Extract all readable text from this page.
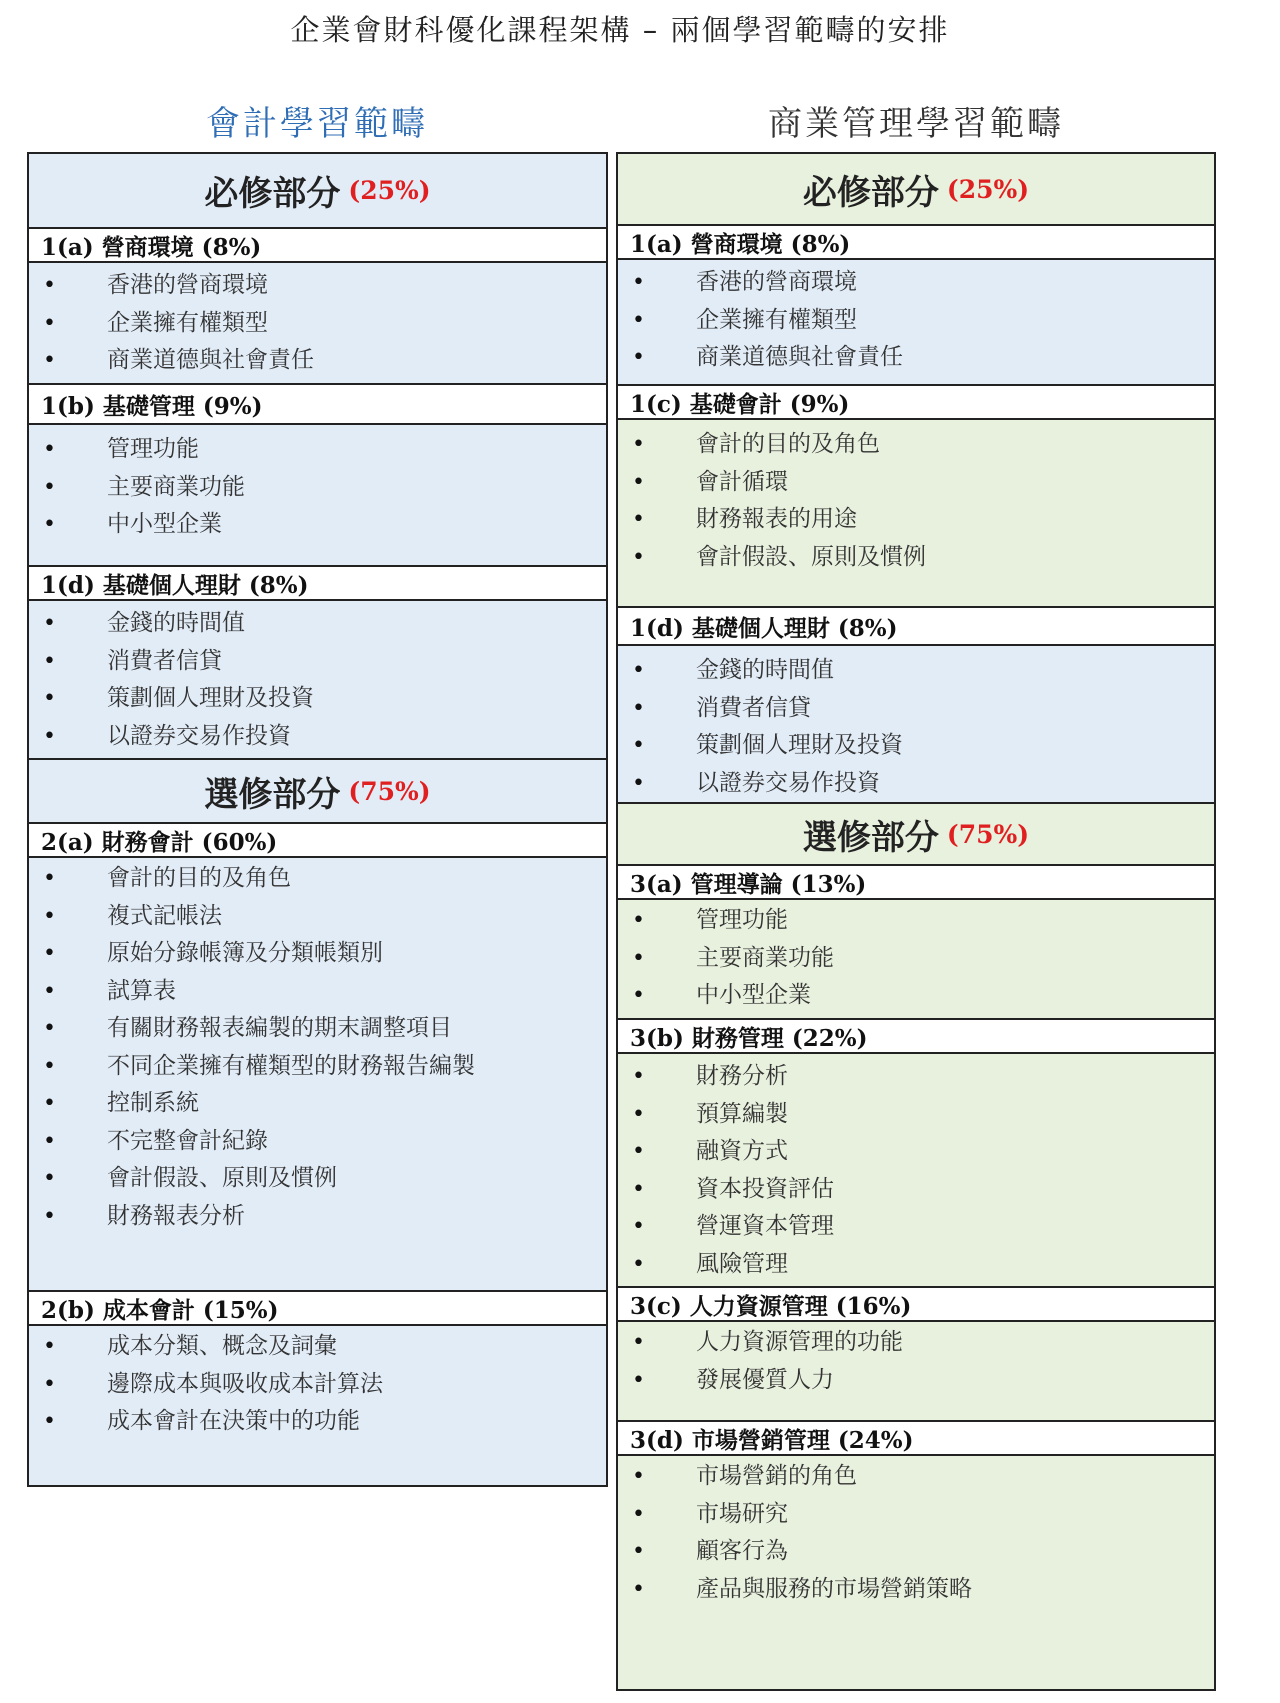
企業會財科優化課程架構 – 兩個學習範疇的安排
會計學習範疇	商業管理學習範疇
必修部分 (25%)
1(a) 營商環境 (8%)
• 香港的營商環境
• 企業擁有權類型
• 商業道德與社會責任
1(b) 基礎管理 (9%)
• 管理功能
• 主要商業功能
• 中小型企業
1(d) 基礎個人理財 (8%)
• 金錢的時間值
• 消費者信貸
• 策劃個人理財及投資
• 以證券交易作投資
選修部分 (75%)
2(a) 財務會計 (60%)
• 會計的目的及角色
• 複式記帳法
• 原始分錄帳簿及分類帳類別
• 試算表
• 有關財務報表編製的期末調整項目
• 不同企業擁有權類型的財務報告編製
• 控制系統
• 不完整會計紀錄
• 會計假設、原則及慣例
• 財務報表分析
2(b) 成本會計 (15%)
• 成本分類、概念及詞彙
• 邊際成本與吸收成本計算法
• 成本會計在決策中的功能
必修部分 (25%)
1(a) 營商環境 (8%)
• 香港的營商環境
• 企業擁有權類型
• 商業道德與社會責任
1(c) 基礎會計 (9%)
• 會計的目的及角色
• 會計循環
• 財務報表的用途
• 會計假設、原則及慣例
1(d) 基礎個人理財 (8%)
• 金錢的時間值
• 消費者信貸
• 策劃個人理財及投資
• 以證券交易作投資
選修部分 (75%)
3(a) 管理導論 (13%)
• 管理功能
• 主要商業功能
• 中小型企業
3(b) 財務管理 (22%)
• 財務分析
• 預算編製
• 融資方式
• 資本投資評估
• 營運資本管理
• 風險管理
3(c) 人力資源管理 (16%)
• 人力資源管理的功能
• 發展優質人力
3(d) 市場營銷管理 (24%)
• 市場營銷的角色
• 市場研究
• 顧客行為
• 產品與服務的市場營銷策略
